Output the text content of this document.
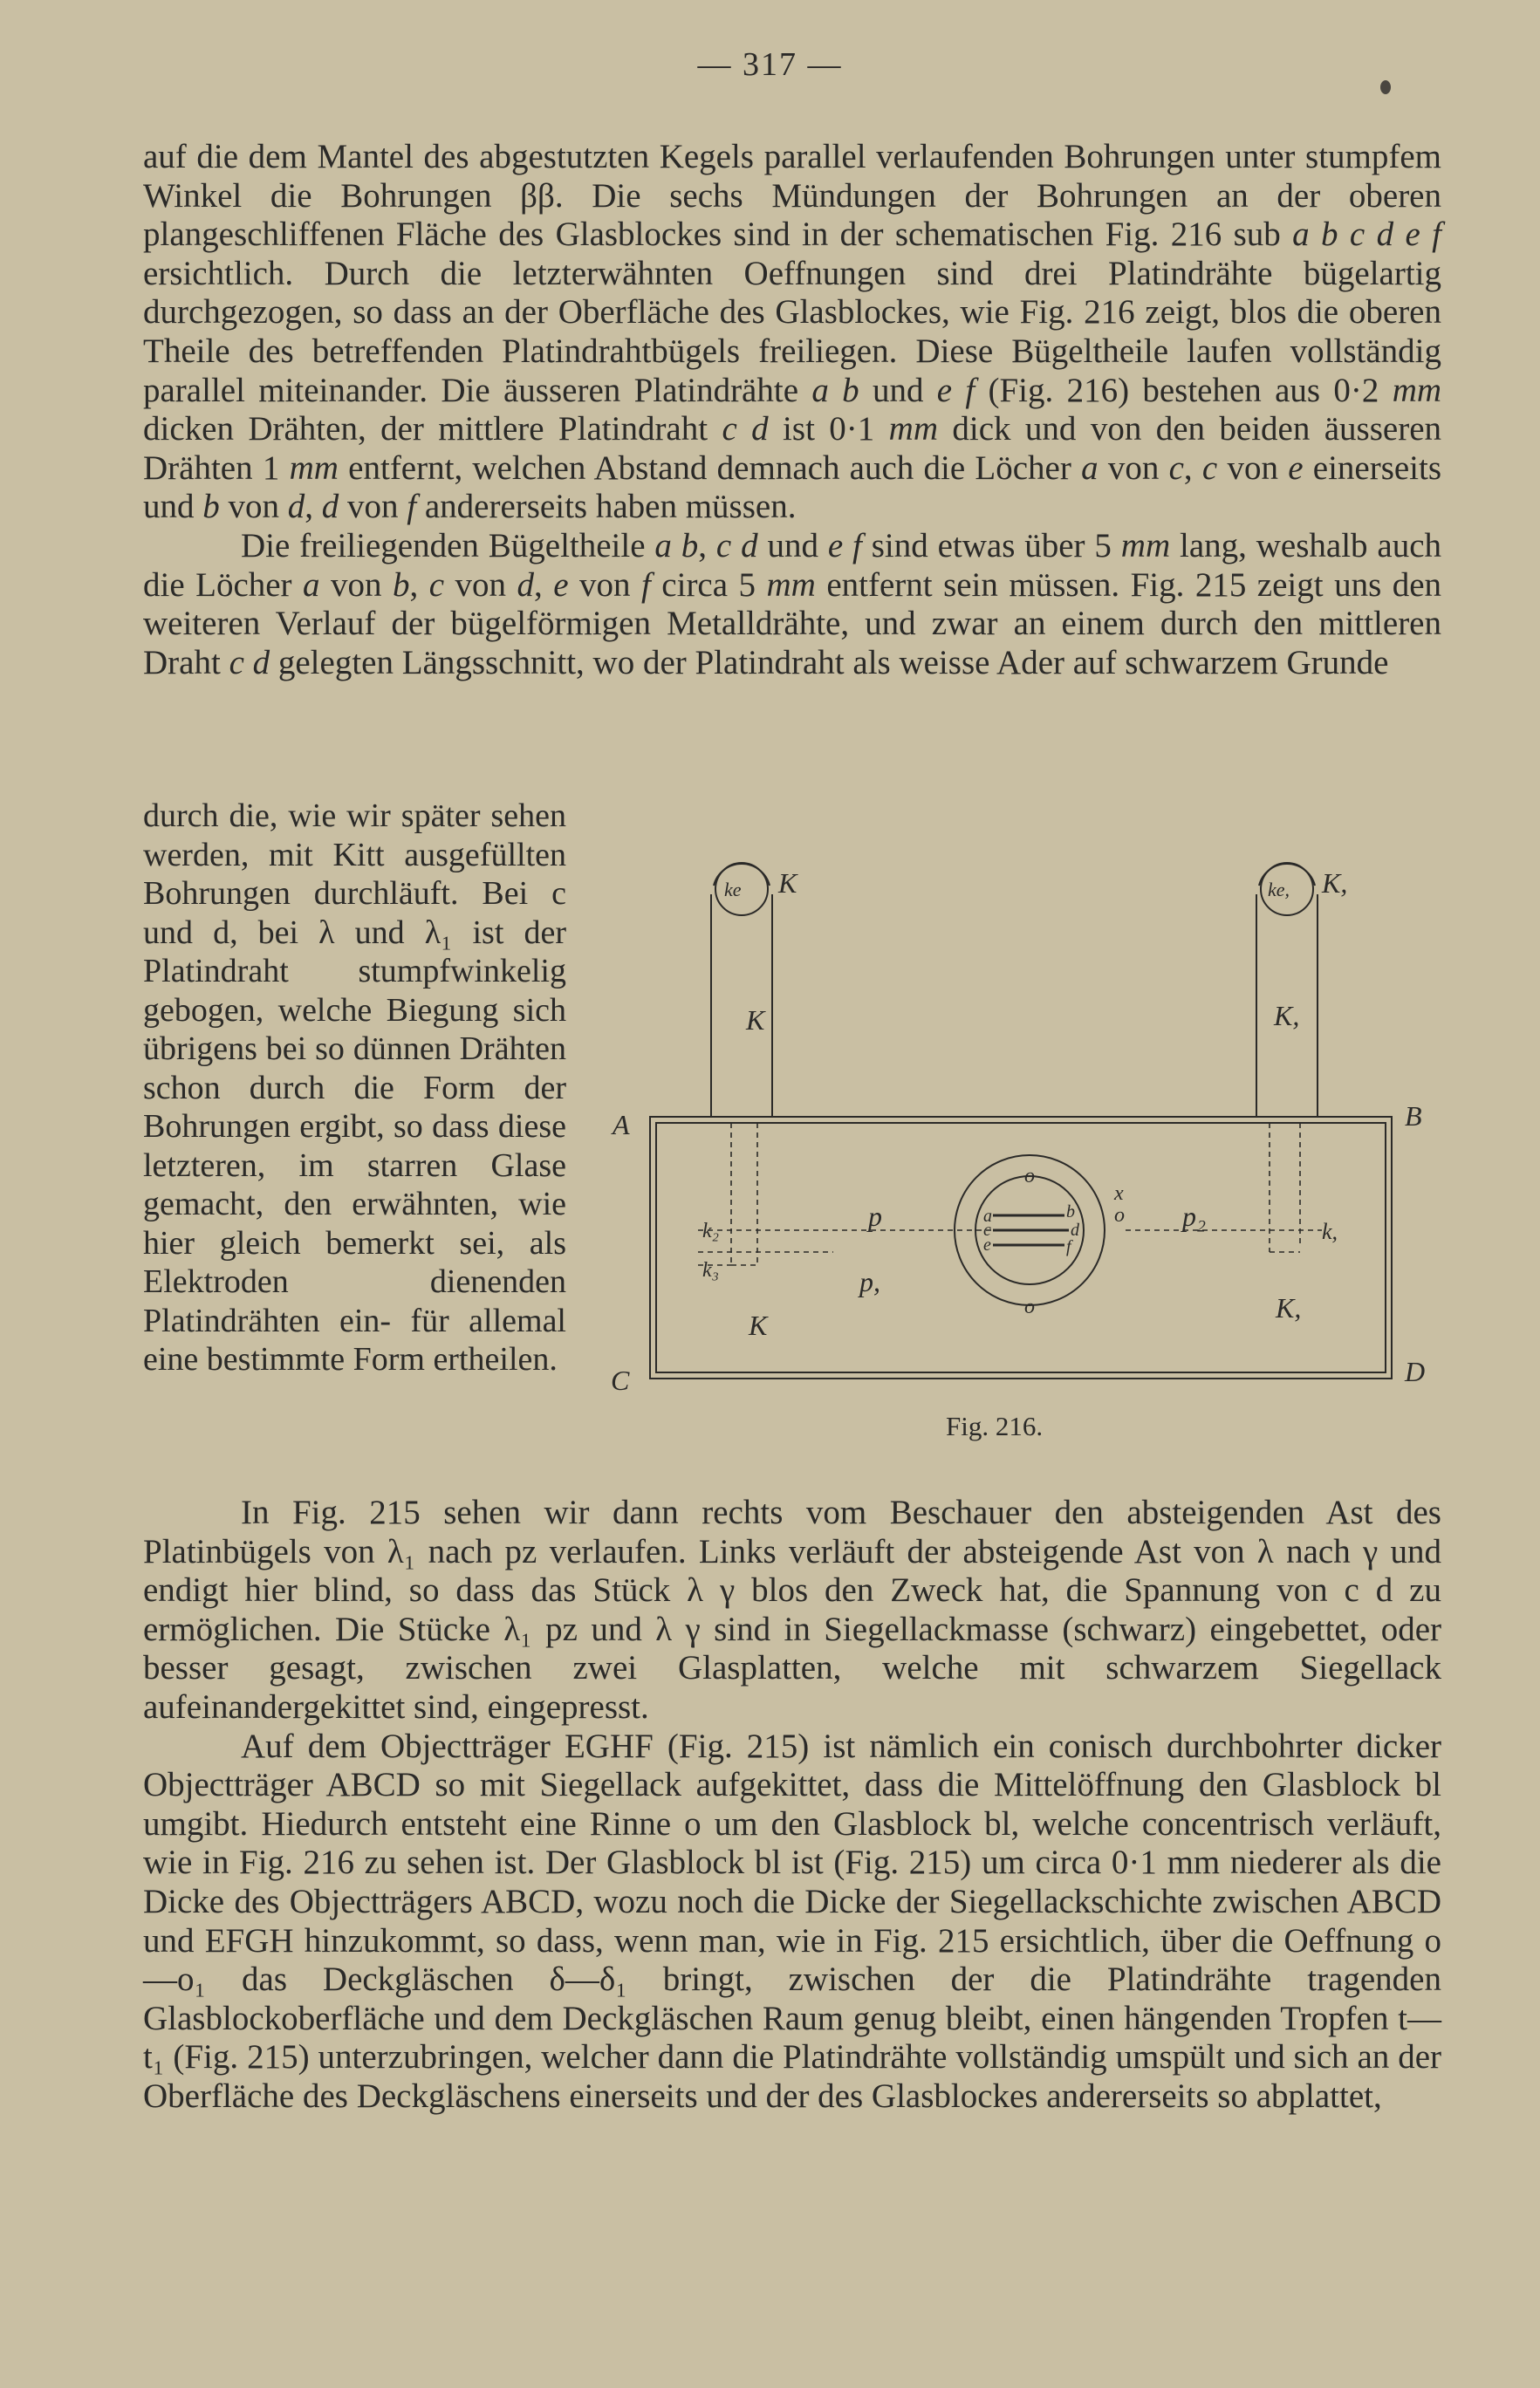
— 317 —

auf die dem Mantel des abgestutzten Kegels parallel verlaufenden Bohrungen unter stumpfem Winkel die Bohrungen ββ. Die sechs Mündungen der Bohrungen an der oberen plangeschliffenen Fläche des Glasblockes sind in der schematischen Fig. 216 sub a b c d e f ersichtlich. Durch die letzterwähnten Oeffnungen sind drei Platindrähte bügelartig durchgezogen, so dass an der Oberfläche des Glasblockes, wie Fig. 216 zeigt, blos die oberen Theile des betreffenden Platindrahtbügels freiliegen. Diese Bügeltheile laufen vollständig parallel miteinander. Die äusseren Platindrähte a b und e f (Fig. 216) bestehen aus 0·2 mm dicken Drähten, der mittlere Platindraht c d ist 0·1 mm dick und von den beiden äusseren Drähten 1 mm entfernt, welchen Abstand demnach auch die Löcher a von c, c von e einerseits und b von d, d von f andererseits haben müssen.

Die freiliegenden Bügeltheile a b, c d und e f sind etwas über 5 mm lang, weshalb auch die Löcher a von b, c von d, e von f circa 5 mm entfernt sein müssen. Fig. 215 zeigt uns den weiteren Verlauf der bügelförmigen Metalldrähte, und zwar an einem durch den mittleren Draht c d gelegten Längsschnitt, wo der Platindraht als weisse Ader auf schwarzem Grunde

durch die, wie wir später sehen werden, mit Kitt ausgefüllten Bohrungen durchläuft. Bei c und d, bei λ und λ₁ ist der Platindraht stumpfwinkelig gebogen, welche Biegung sich übrigens bei so dünnen Drähten schon durch die Form der Bohrungen ergibt, so dass diese letzteren, im starren Glase gemacht, den erwähnten, wie hier gleich bemerkt sei, als Elektroden dienenden Platindrähten ein- für allemal eine bestimmte Form ertheilen.
A	B
C	D
K
K
K
K,
K,
K,
ke	ke,
k,
k₂
k₃
p
p,
p₂
o
o
o
x
a	b
c	d
e	f
Fig. 216.

In Fig. 215 sehen wir dann rechts vom Beschauer den absteigenden Ast des Platinbügels von λ₁ nach pz verlaufen. Links verläuft der absteigende Ast von λ nach γ und endigt hier blind, so dass das Stück λ γ blos den Zweck hat, die Spannung von c d zu ermöglichen. Die Stücke λ₁ pz und λ γ sind in Siegellackmasse (schwarz) eingebettet, oder besser gesagt, zwischen zwei Glasplatten, welche mit schwarzem Siegellack aufeinandergekittet sind, eingepresst.

Auf dem Objectträger EGHF (Fig. 215) ist nämlich ein conisch durchbohrter dicker Objectträger ABCD so mit Siegellack aufgekittet, dass die Mittelöffnung den Glasblock bl umgibt. Hiedurch entsteht eine Rinne o um den Glasblock bl, welche concentrisch verläuft, wie in Fig. 216 zu sehen ist. Der Glasblock bl ist (Fig. 215) um circa 0·1 mm niederer als die Dicke des Objectträgers ABCD, wozu noch die Dicke der Siegellackschichte zwischen ABCD und EFGH hinzukommt, so dass, wenn man, wie in Fig. 215 ersichtlich, über die Oeffnung o—o₁ das Deckgläschen δ—δ₁ bringt, zwischen der die Platindrähte tragenden Glasblockoberfläche und dem Deckgläschen Raum genug bleibt, einen hängenden Tropfen t—t₁ (Fig. 215) unterzubringen, welcher dann die Platindrähte vollständig umspült und sich an der Oberfläche des Deckgläschens einerseits und der des Glasblockes andererseits so abplattet,
